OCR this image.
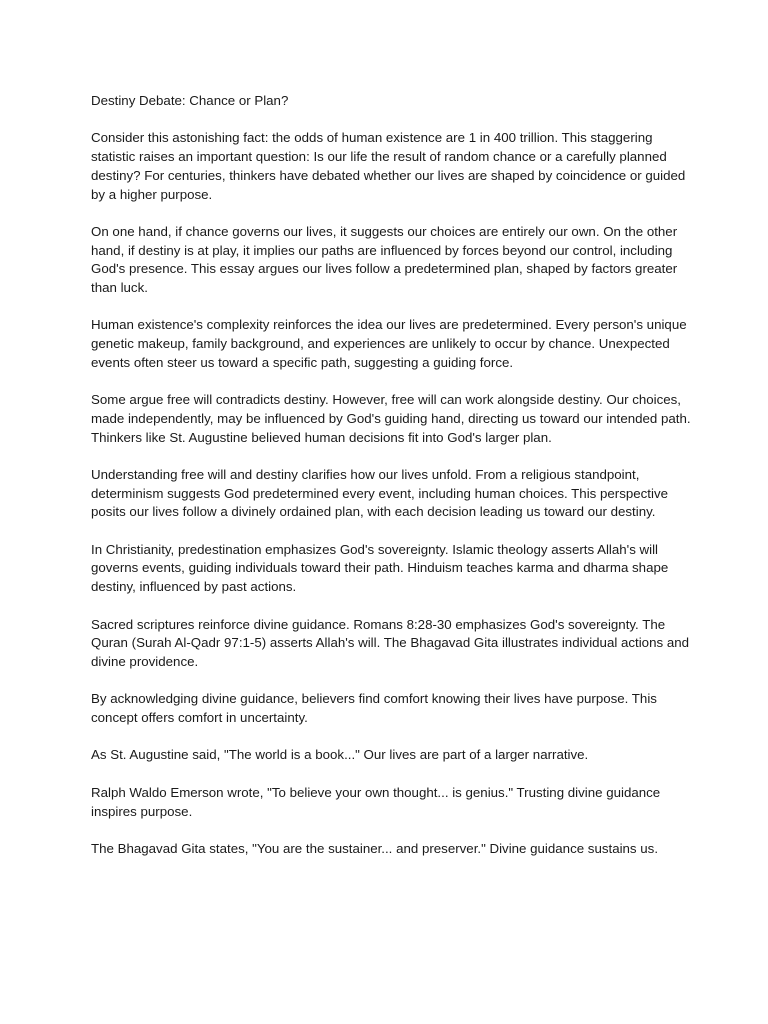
Destiny Debate: Chance or Plan?

Consider this astonishing fact: the odds of human existence are 1 in 400 trillion. This staggering statistic raises an important question: Is our life the result of random chance or a carefully planned destiny? For centuries, thinkers have debated whether our lives are shaped by coincidence or guided by a higher purpose.

On one hand, if chance governs our lives, it suggests our choices are entirely our own. On the other hand, if destiny is at play, it implies our paths are influenced by forces beyond our control, including God's presence. This essay argues our lives follow a predetermined plan, shaped by factors greater than luck.

Human existence's complexity reinforces the idea our lives are predetermined. Every person's unique genetic makeup, family background, and experiences are unlikely to occur by chance. Unexpected events often steer us toward a specific path, suggesting a guiding force.

Some argue free will contradicts destiny. However, free will can work alongside destiny. Our choices, made independently, may be influenced by God's guiding hand, directing us toward our intended path. Thinkers like St. Augustine believed human decisions fit into God's larger plan.

Understanding free will and destiny clarifies how our lives unfold. From a religious standpoint, determinism suggests God predetermined every event, including human choices. This perspective posits our lives follow a divinely ordained plan, with each decision leading us toward our destiny.

In Christianity, predestination emphasizes God's sovereignty. Islamic theology asserts Allah's will governs events, guiding individuals toward their path. Hinduism teaches karma and dharma shape destiny, influenced by past actions.

Sacred scriptures reinforce divine guidance. Romans 8:28-30 emphasizes God's sovereignty. The Quran (Surah Al-Qadr 97:1-5) asserts Allah's will. The Bhagavad Gita illustrates individual actions and divine providence.

By acknowledging divine guidance, believers find comfort knowing their lives have purpose. This concept offers comfort in uncertainty.

As St. Augustine said, "The world is a book..." Our lives are part of a larger narrative.

Ralph Waldo Emerson wrote, "To believe your own thought... is genius." Trusting divine guidance inspires purpose.

The Bhagavad Gita states, "You are the sustainer... and preserver." Divine guidance sustains us.
